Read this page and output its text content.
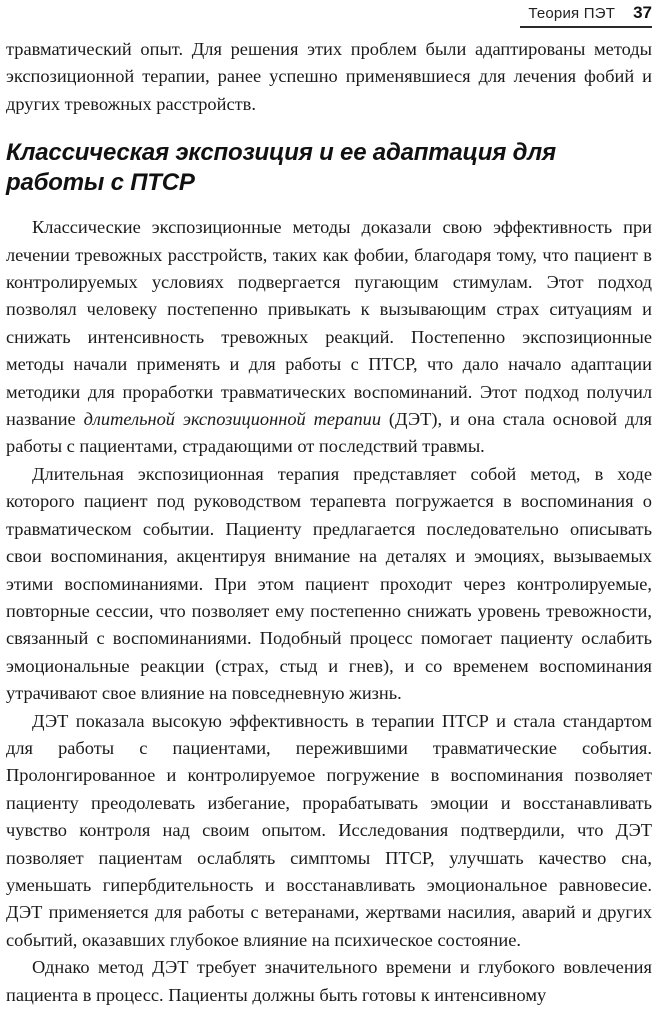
Теория ПЭТ 37

травматический опыт. Для решения этих проблем были адаптированы методы экспозиционной терапии, ранее успешно применявшиеся для лечения фобий и других тревожных расстройств.

Классическая экспозиция и ее адаптация для работы с ПТСР

Классические экспозиционные методы доказали свою эффективность при лечении тревожных расстройств, таких как фобии, благодаря тому, что пациент в контролируемых условиях подвергается пугающим стимулам. Этот подход позволял человеку постепенно привыкать к вызывающим страх ситуациям и снижать интенсивность тревожных реакций. Постепенно экспозиционные методы начали применять и для работы с ПТСР, что дало начало адаптации методики для проработки травматических воспоминаний. Этот подход получил название длительной экспозиционной терапии (ДЭТ), и она стала основой для работы с пациентами, страдающими от последствий травмы.

Длительная экспозиционная терапия представляет собой метод, в ходе которого пациент под руководством терапевта погружается в воспоминания о травматическом событии. Пациенту предлагается последовательно описывать свои воспоминания, акцентируя внимание на деталях и эмоциях, вызываемых этими воспоминаниями. При этом пациент проходит через контролируемые, повторные сессии, что позволяет ему постепенно снижать уровень тревожности, связанный с воспоминаниями. Подобный процесс помогает пациенту ослабить эмоциональные реакции (страх, стыд и гнев), и со временем воспоминания утрачивают свое влияние на повседневную жизнь.

ДЭТ показала высокую эффективность в терапии ПТСР и стала стандартом для работы с пациентами, пережившими травматические события. Пролонгированное и контролируемое погружение в воспоминания позволяет пациенту преодолевать избегание, прорабатывать эмоции и восстанавливать чувство контроля над своим опытом. Исследования подтвердили, что ДЭТ позволяет пациентам ослаблять симптомы ПТСР, улучшать качество сна, уменьшать гипербдительность и восстанавливать эмоциональное равновесие. ДЭТ применяется для работы с ветеранами, жертвами насилия, аварий и других событий, оказавших глубокое влияние на психическое состояние.

Однако метод ДЭТ требует значительного времени и глубокого вовлечения пациента в процесс. Пациенты должны быть готовы к интенсивному
